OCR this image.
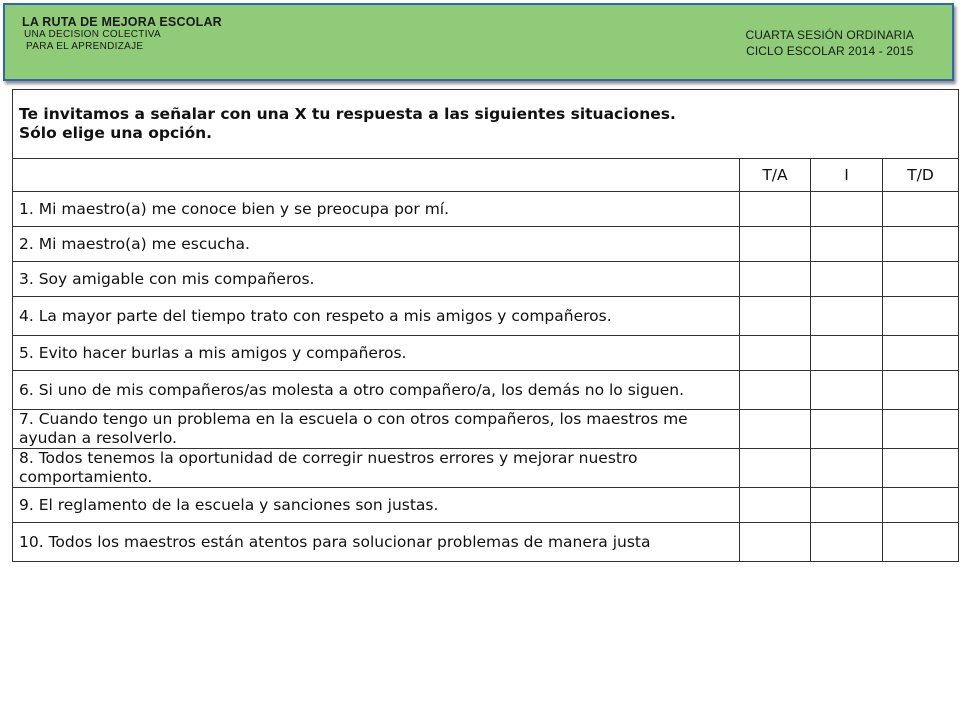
LA RUTA DE MEJORA ESCOLAR
UNA DECISION COLECTIVA
PARA EL APRENDIZAJE
CUARTA SESIÓN ORDINARIA
CICLO ESCOLAR 2014 - 2015
Te invitamos a señalar con una X tu respuesta a las siguientes situaciones.
Sólo elige una opción.			

	T/A	I	T/D
1. Mi maestro(a) me conoce bien y se preocupa por mí.			
2. Mi maestro(a) me escucha.			
3. Soy amigable con mis compañeros.			
4. La mayor parte del tiempo trato con respeto a mis amigos y compañeros.			
5. Evito hacer burlas a mis amigos y compañeros.			
6. Si uno de mis compañeros/as molesta a otro compañero/a, los demás no lo siguen.			
7. Cuando tengo un problema en la escuela o con otros compañeros, los maestros me ayudan a resolverlo.			
8. Todos tenemos la oportunidad de corregir nuestros errores y mejorar nuestro comportamiento.			
9. El reglamento de la escuela y sanciones son justas.			
10. Todos los maestros están atentos para solucionar problemas de manera justa			
